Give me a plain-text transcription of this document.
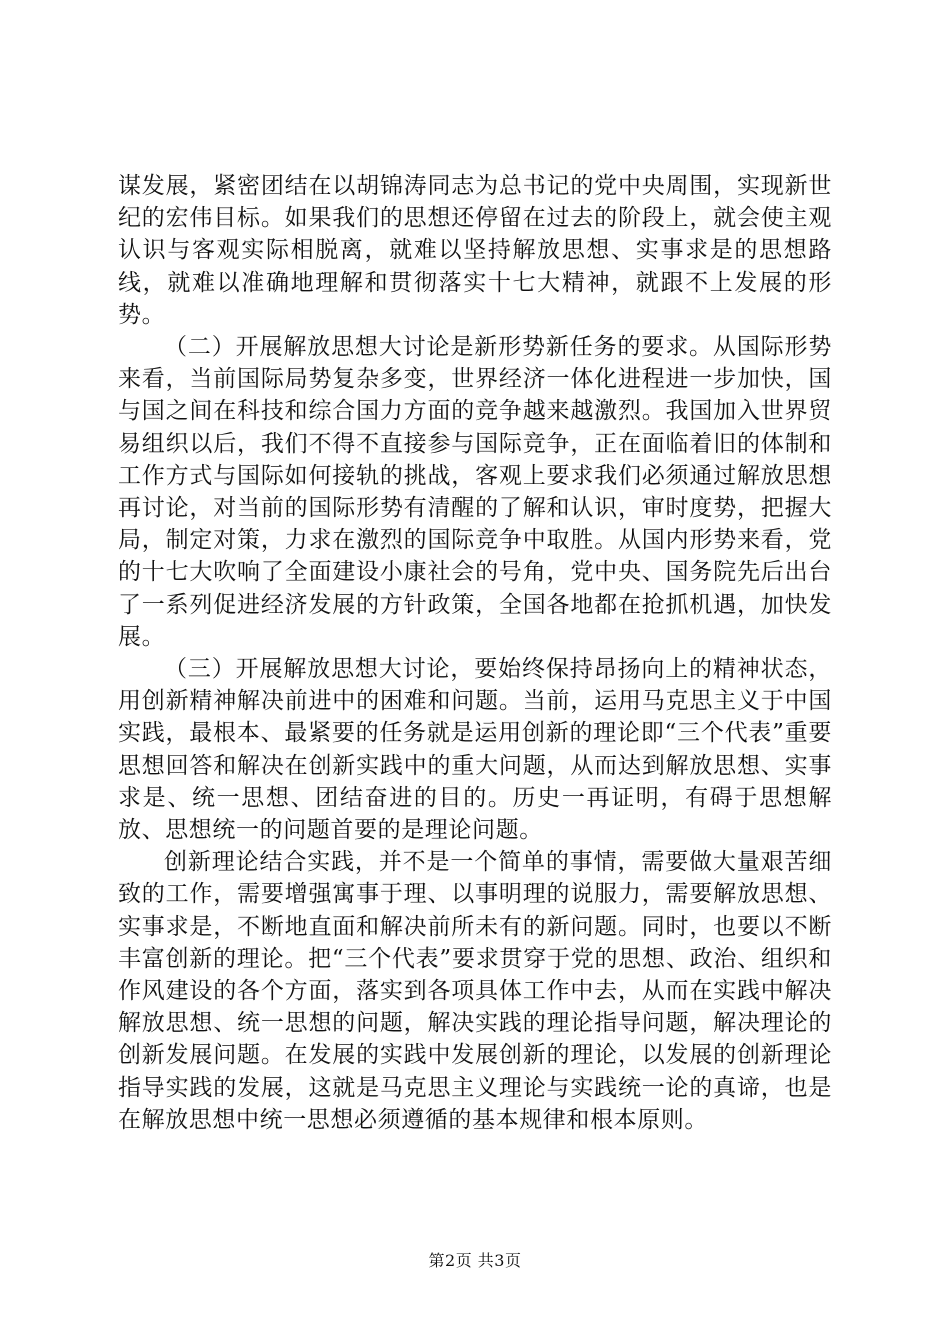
谋发展，紧密团结在以胡锦涛同志为总书记的党中央周围，实现新世纪的宏伟目标。如果我们的思想还停留在过去的阶段上，就会使主观认识与客观实际相脱离，就难以坚持解放思想、实事求是的思想路线，就难以准确地理解和贯彻落实十七大精神，就跟不上发展的形势。

（二）开展解放思想大讨论是新形势新任务的要求。从国际形势来看，当前国际局势复杂多变，世界经济一体化进程进一步加快，国与国之间在科技和综合国力方面的竞争越来越激烈。我国加入世界贸易组织以后，我们不得不直接参与国际竞争，正在面临着旧的体制和工作方式与国际如何接轨的挑战，客观上要求我们必须通过解放思想再讨论，对当前的国际形势有清醒的了解和认识，审时度势，把握大局，制定对策，力求在激烈的国际竞争中取胜。从国内形势来看，党的十七大吹响了全面建设小康社会的号角，党中央、国务院先后出台了一系列促进经济发展的方针政策，全国各地都在抢抓机遇，加快发展。

（三）开展解放思想大讨论，要始终保持昂扬向上的精神状态，用创新精神解决前进中的困难和问题。当前，运用马克思主义于中国实践，最根本、最紧要的任务就是运用创新的理论即“三个代表”重要思想回答和解决在创新实践中的重大问题，从而达到解放思想、实事求是、统一思想、团结奋进的目的。历史一再证明，有碍于思想解放、思想统一的问题首要的是理论问题。

创新理论结合实践，并不是一个简单的事情，需要做大量艰苦细致的工作，需要增强寓事于理、以事明理的说服力，需要解放思想、实事求是，不断地直面和解决前所未有的新问题。同时，也要以不断丰富创新的理论。把“三个代表”要求贯穿于党的思想、政治、组织和作风建设的各个方面，落实到各项具体工作中去，从而在实践中解决解放思想、统一思想的问题，解决实践的理论指导问题，解决理论的创新发展问题。在发展的实践中发展创新的理论，以发展的创新理论指导实践的发展，这就是马克思主义理论与实践统一论的真谛，也是在解放思想中统一思想必须遵循的基本规律和根本原则。

第2页 共3页
